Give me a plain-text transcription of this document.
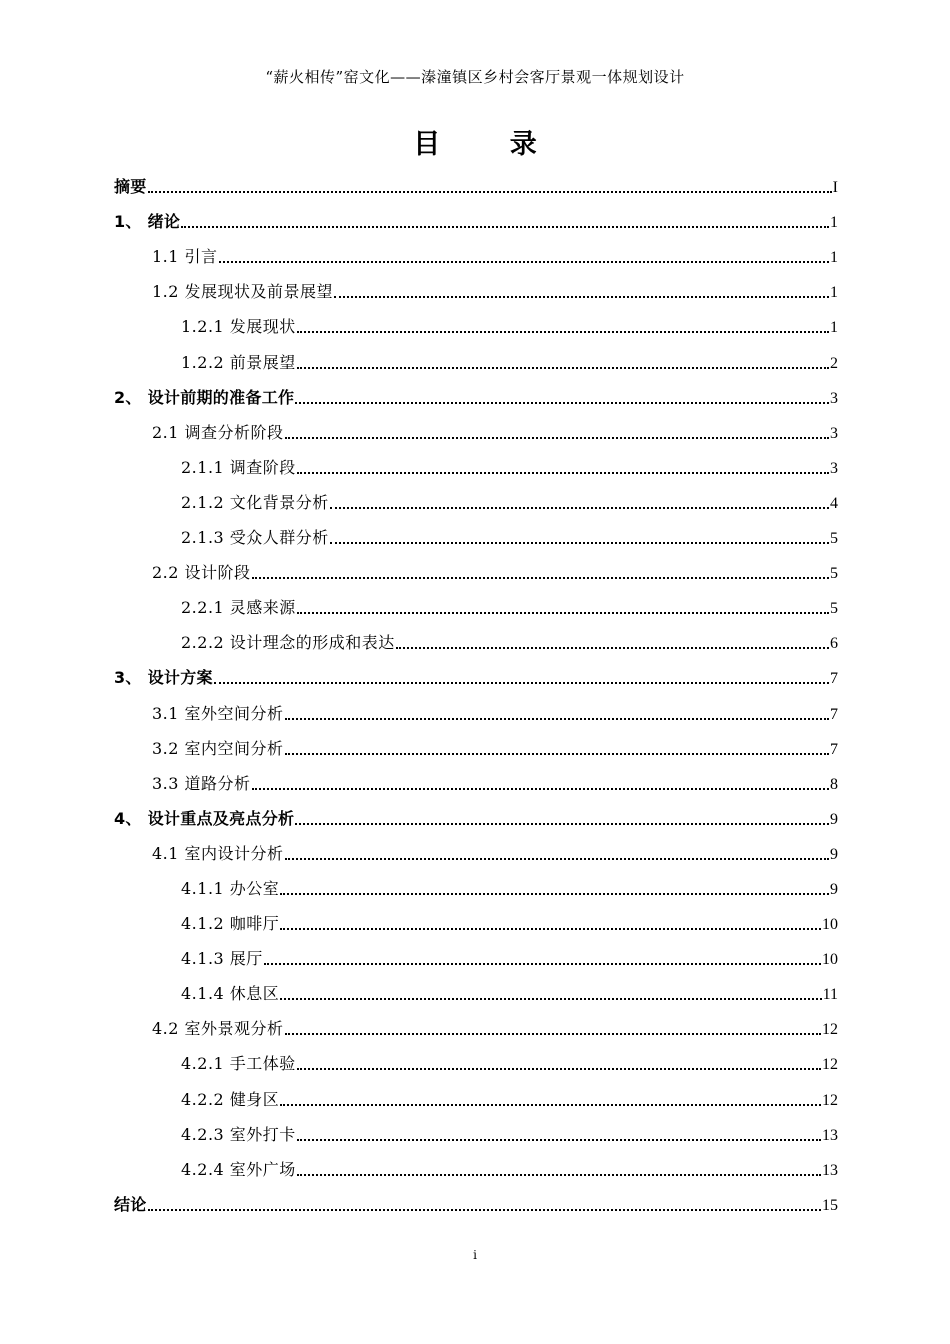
“薪火相传”窑文化——溱潼镇区乡村会客厅景观一体规划设计
目 录
摘要	I
1、 绪论	1
1.1 引言	1
1.2 发展现状及前景展望	1
1.2.1 发展现状	1
1.2.2 前景展望	2
2、 设计前期的准备工作	3
2.1 调查分析阶段	3
2.1.1 调查阶段	3
2.1.2 文化背景分析	4
2.1.3 受众人群分析	5
2.2 设计阶段	5
2.2.1 灵感来源	5
2.2.2 设计理念的形成和表达	6
3、 设计方案	7
3.1 室外空间分析	7
3.2 室内空间分析	7
3.3 道路分析	8
4、 设计重点及亮点分析	9
4.1 室内设计分析	9
4.1.1 办公室	9
4.1.2 咖啡厅	10
4.1.3 展厅	10
4.1.4 休息区	11
4.2 室外景观分析	12
4.2.1 手工体验	12
4.2.2 健身区	12
4.2.3 室外打卡	13
4.2.4 室外广场	13
结论	15
i
